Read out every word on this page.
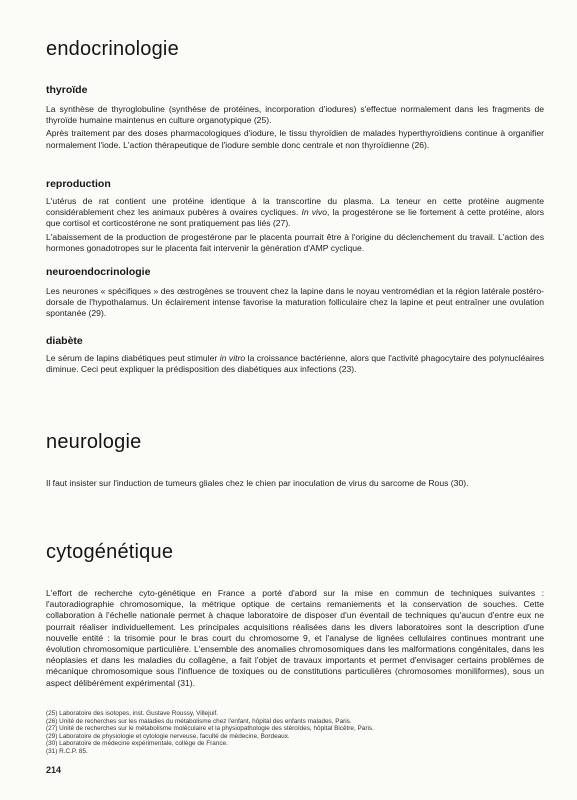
endocrinologie
thyroïde

La synthèse de thyroglobuline (synthèse de protéines, incorporation d'iodures) s'effectue normalement dans les fragments de thyroïde humaine maintenus en culture organotypique (25).

Après traitement par des doses pharmacologiques d'iodure, le tissu thyroïdien de malades hyperthyroïdiens continue à organifier normalement l'iode. L'action thérapeutique de l'iodure semble donc centrale et non thyroïdienne (26).

reproduction

L'utérus de rat contient une protéine identique à la transcortine du plasma. La teneur en cette protéine augmente considérablement chez les animaux pubères à ovaires cycliques. In vivo, la progestérone se lie fortement à cette protéine, alors que cortisol et corticostérone ne sont pratiquement pas liés (27).

L'abaissement de la production de progestérone par le placenta pourrait être à l'origine du déclenchement du travail. L'action des hormones gonadotropes sur le placenta fait intervenir la génération d'AMP cyclique.

neuroendocrinologie

Les neurones « spécifiques » des œstrogènes se trouvent chez la lapine dans le noyau ventromédian et la région latérale postéro-dorsale de l'hypothalamus. Un éclairement intense favorise la maturation folliculaire chez la lapine et peut entraîner une ovulation spontanée (29).

diabète

Le sérum de lapins diabétiques peut stimuler in vitro la croissance bactérienne, alors que l'activité phagocytaire des polynucléaires diminue. Ceci peut expliquer la prédisposition des diabétiques aux infections (23).

neurologie

Il faut insister sur l'induction de tumeurs gliales chez le chien par inoculation de virus du sarcome de Rous (30).

cytogénétique

L'effort de recherche cyto-génétique en France a porté d'abord sur la mise en commun de techniques suivantes : l'autoradiographie chromosomique, la métrique optique de certains remaniements et la conservation de souches. Cette collaboration à l'échelle nationale permet à chaque laboratoire de disposer d'un éventail de techniques qu'aucun d'entre eux ne pourrait réaliser individuellement. Les principales acquisitions réalisées dans les divers laboratoires sont la description d'une nouvelle entité : la trisomie pour le bras court du chromosome 9, et l'analyse de lignées cellulaires continues montrant une évolution chromosomique particulière. L'ensemble des anomalies chromosomiques dans les malformations congénitales, dans les néoplasies et dans les maladies du collagène, a fait l'objet de travaux importants et permet d'envisager certains problèmes de mécanique chromosomique sous l'influence de toxiques ou de constitutions particulières (chromosomes moniliformes), sous un aspect délibérément expérimental (31).

(25) Laboratoire des isotopes, inst. Gustave Roussy, Villejuif.

(26) Unité de recherches sur les maladies du métabolisme chez l'enfant, hôpital des enfants malades, Paris.

(27) Unité de recherches sur le métabolisme moléculaire et la physiopathologie des stéroïdes, hôpital Bicêtre, Paris.

(29) Laboratoire de physiologie et cytologie nerveuse, faculté de médecine, Bordeaux.

(30) Laboratoire de médecine expérimentale, collège de France.

(31) R.C.P. 85.

214
